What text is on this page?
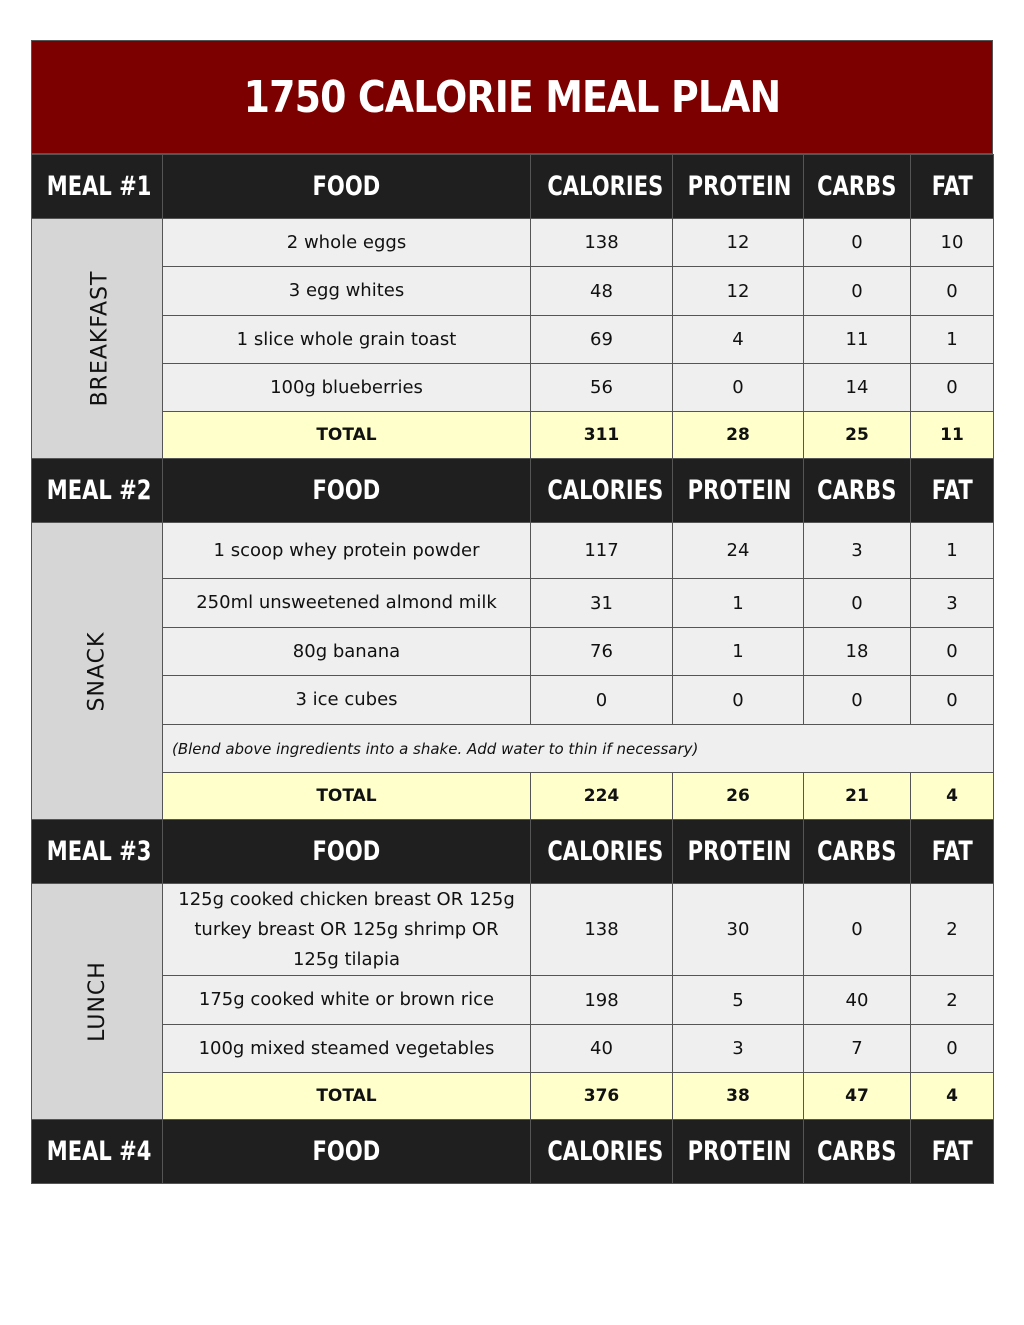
1750 CALORIE MEAL PLAN
MEAL #1	FOOD	CALORIES	PROTEIN	CARBS	FAT
BREAKFAST	2 whole eggs	138	12	0	10
	3 egg whites	48	12	0	0
	1 slice whole grain toast	69	4	11	1
	100g blueberries	56	0	14	0
	TOTAL	311	28	25	11
MEAL #2	FOOD	CALORIES	PROTEIN	CARBS	FAT
SNACK	1 scoop whey protein powder	117	24	3	1
	250ml unsweetened almond milk	31	1	0	3
	80g banana	76	1	18	0
	3 ice cubes	0	0	0	0
	(Blend above ingredients into a shake. Add water to thin if necessary)				
	TOTAL	224	26	21	4
MEAL #3	FOOD	CALORIES	PROTEIN	CARBS	FAT
LUNCH	125g cooked chicken breast OR 125g turkey breast OR 125g shrimp OR 125g tilapia	138	30	0	2
	175g cooked white or brown rice	198	5	40	2
	100g mixed steamed vegetables	40	3	7	0
	TOTAL	376	38	47	4
MEAL #4	FOOD	CALORIES	PROTEIN	CARBS	FAT
